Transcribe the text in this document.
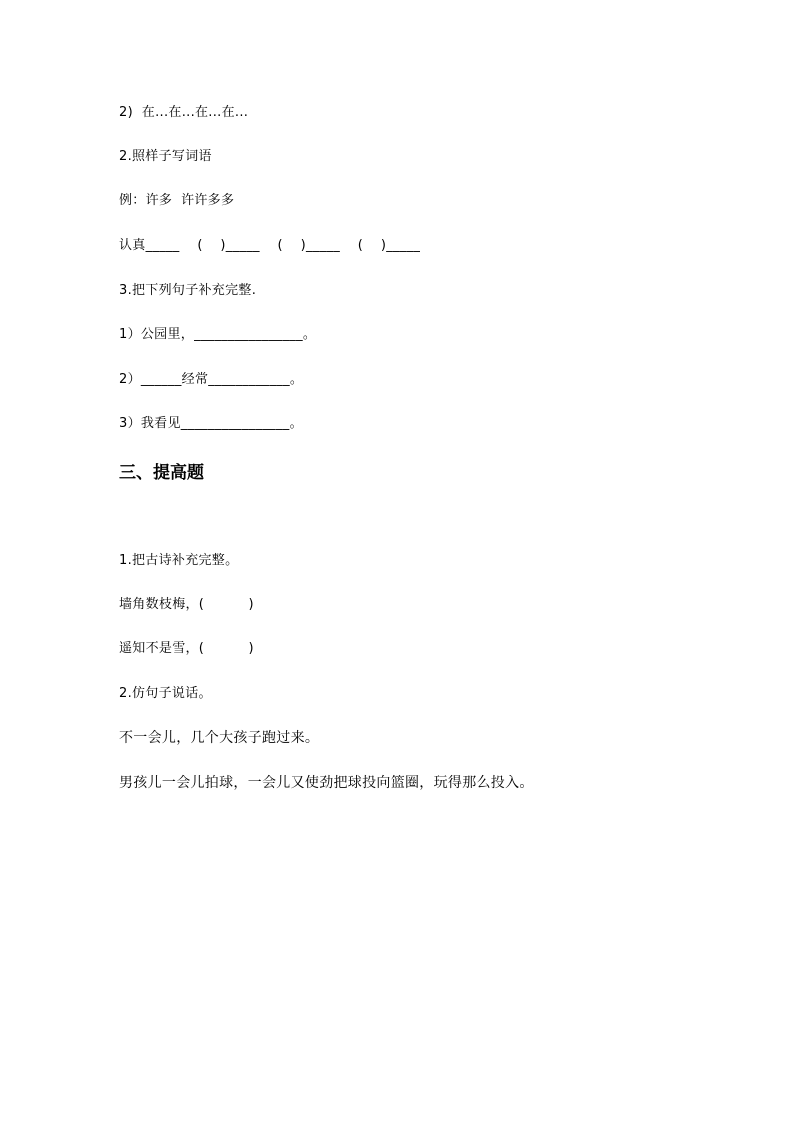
2)  在...在...在...在...
2.照样子写词语
例：许多  许许多多
认真_____    (    )_____    (    )_____    (    )_____
3.把下列句子补充完整.
1）公园里，________________。
2）______经常____________。
3）我看见________________。
三、提高题
1.把古诗补充完整。
墙角数枝梅，(          )
遥知不是雪，(          )
2.仿句子说话。
不一会儿，几个大孩子跑过来。
男孩儿一会儿拍球，一会儿又使劲把球投向篮圈，玩得那么投入。
